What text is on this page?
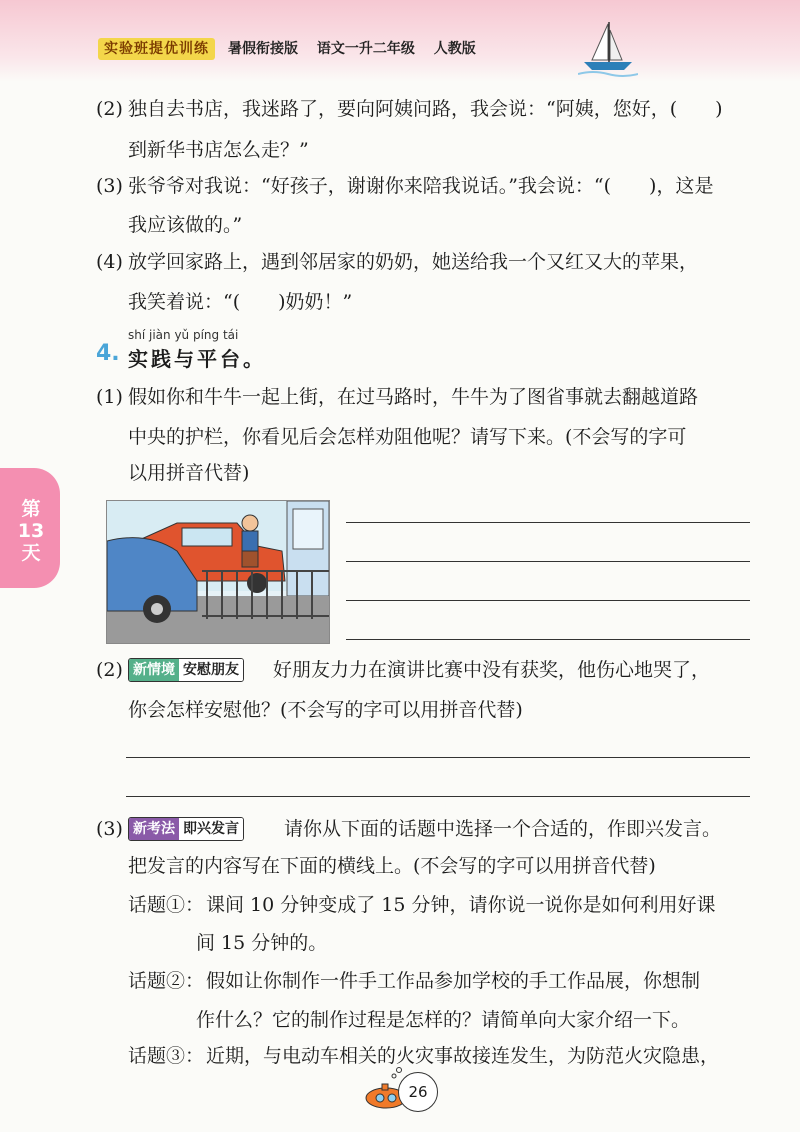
实验班提优训练	暑假衔接版 语文一升二年级 人教版
第13天
(2) 独自去书店，我迷路了，要向阿姨问路，我会说：“阿姨，您好，(　　)
到新华书店怎么走？”
(3) 张爷爷对我说：“好孩子，谢谢你来陪我说话。”我会说：“(　　)，这是
我应该做的。”
(4) 放学回家路上，遇到邻居家的奶奶，她送给我一个又红又大的苹果，
我笑着说：“(　　)奶奶！”
shí jiàn yǔ píng tái
4. 实践与平台。
(1) 假如你和牛牛一起上街，在过马路时，牛牛为了图省事就去翻越道路
中央的护栏，你看见后会怎样劝阻他呢？请写下来。(不会写的字可
以用拼音代替)
(2) 新情境 安慰朋友 好朋友力力在演讲比赛中没有获奖，他伤心地哭了，
你会怎样安慰他？(不会写的字可以用拼音代替)
(3) 新考法 即兴发言 请你从下面的话题中选择一个合适的，作即兴发言。
把发言的内容写在下面的横线上。(不会写的字可以用拼音代替)
话题①： 课间 10 分钟变成了 15 分钟，请你说一说你是如何利用好课
间 15 分钟的。
话题②： 假如让你制作一件手工作品参加学校的手工作品展，你想制
作什么？它的制作过程是怎样的？请简单向大家介绍一下。
话题③： 近期，与电动车相关的火灾事故接连发生，为防范火灾隐患，
26
